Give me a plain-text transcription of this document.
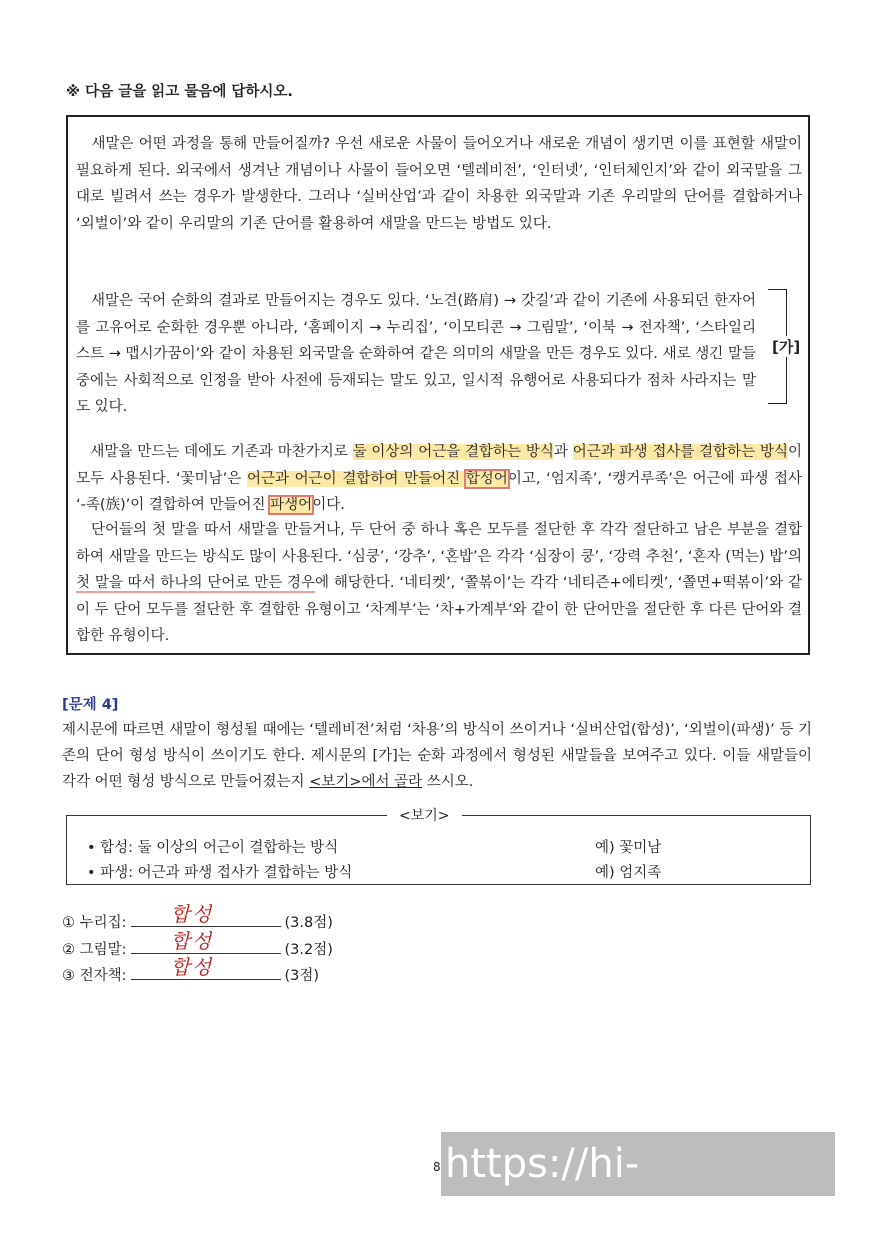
※ 다음 글을 읽고 물음에 답하시오.

새말은 어떤 과정을 통해 만들어질까? 우선 새로운 사물이 들어오거나 새로운 개념이 생기면 이를 표현할 새말이 필요하게 된다. 외국에서 생겨난 개념이나 사물이 들어오면 ‘텔레비전’, ‘인터넷’, ‘인터체인지’와 같이 외국말을 그대로 빌려서 쓰는 경우가 발생한다. 그러나 ‘실버산업’과 같이 차용한 외국말과 기존 우리말의 단어를 결합하거나 ‘외벌이’와 같이 우리말의 기존 단어를 활용하여 새말을 만드는 방법도 있다.

새말은 국어 순화의 결과로 만들어지는 경우도 있다. ‘노견(路肩) → 갓길’과 같이 기존에 사용되던 한자어를 고유어로 순화한 경우뿐 아니라, ‘홈페이지 → 누리집’, ‘이모티콘 → 그림말’, ‘이북 → 전자책’, ‘스타일리스트 → 맵시가꿈이’와 같이 차용된 외국말을 순화하여 같은 의미의 새말을 만든 경우도 있다. 새로 생긴 말들 중에는 사회적으로 인정을 받아 사전에 등재되는 말도 있고, 일시적 유행어로 사용되다가 점차 사라지는 말도 있다.

[가]

새말을 만드는 데에도 기존과 마찬가지로 둘 이상의 어근을 결합하는 방식과 어근과 파생 접사를 결합하는 방식이 모두 사용된다. ‘꽃미남’은 어근과 어근이 결합하여 만들어진 합성어이고, ‘엄지족’, ‘캥거루족’은 어근에 파생 접사 ‘-족(族)’이 결합하여 만들어진 파생어이다.

단어들의 첫 말을 따서 새말을 만들거나, 두 단어 중 하나 혹은 모두를 절단한 후 각각 절단하고 남은 부분을 결합하여 새말을 만드는 방식도 많이 사용된다. ‘심쿵’, ‘강추’, ‘혼밥’은 각각 ‘심장이 쿵’, ‘강력 추천’, ‘혼자 (먹는) 밥’의 첫 말을 따서 하나의 단어로 만든 경우에 해당한다. ‘네티켓’, ‘쫄볶이’는 각각 ‘네티즌+에티켓’, ‘쫄면+떡볶이’와 같이 두 단어 모두를 절단한 후 결합한 유형이고 ‘차계부’는 ‘차+가계부’와 같이 한 단어만을 절단한 후 다른 단어와 결합한 유형이다.

[문제 4]

제시문에 따르면 새말이 형성될 때에는 ‘텔레비전’처럼 ‘차용’의 방식이 쓰이거나 ‘실버산업(합성)’, ‘외벌이(파생)’ 등 기존의 단어 형성 방식이 쓰이기도 한다. 제시문의 [가]는 순화 과정에서 형성된 새말들을 보여주고 있다. 이들 새말들이 각각 어떤 형성 방식으로 만들어졌는지 <보기>에서 골라 쓰시오.

<보기>
• 합성: 둘 이상의 어근이 결합하는 방식	예) 꽃미남
• 파생: 어근과 파생 접사가 결합하는 방식	예) 엄지족
① 누리집: 합성	(3.8점)
② 그림말: 합성	(3.2점)
③ 전자책: 합성	(3점)
8 https://hi-ssam.com
